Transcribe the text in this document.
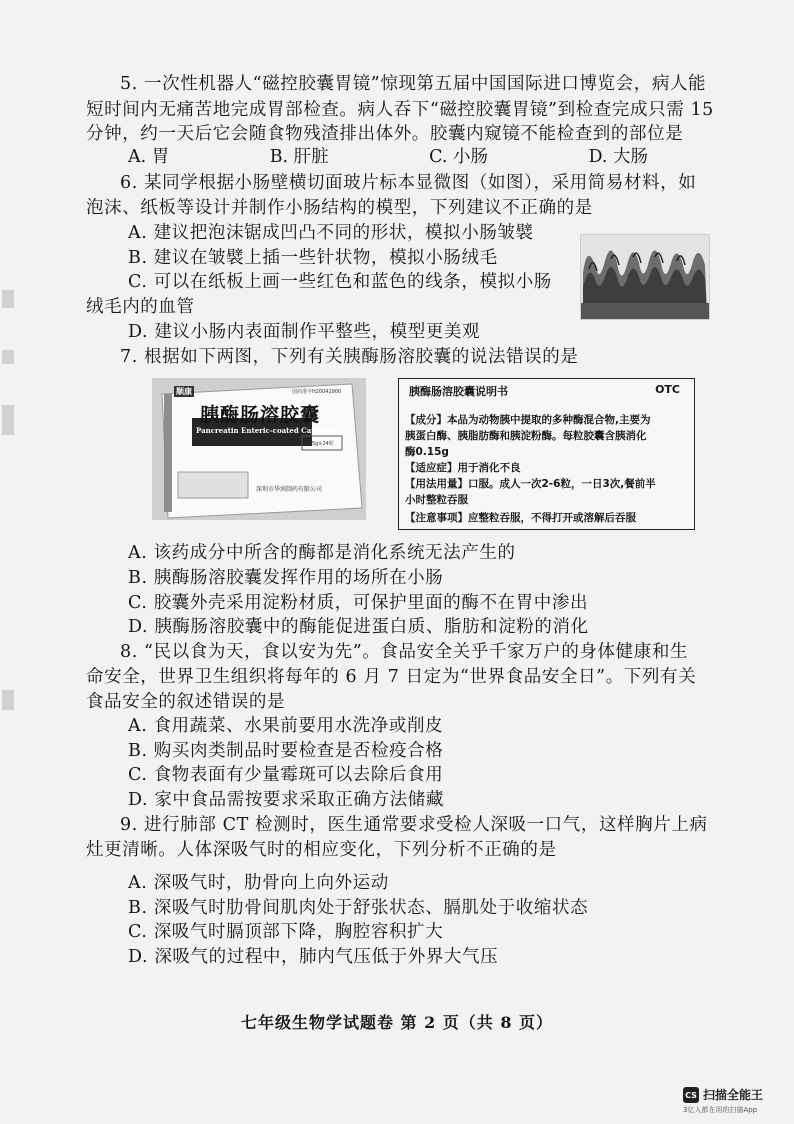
5. 一次性机器人“磁控胶囊胃镜”惊现第五届中国国际进口博览会，病人能
短时间内无痛苦地完成胃部检查。病人吞下“磁控胶囊胃镜”到检查完成只需 15
分钟，约一天后它会随食物残渣排出体外。胶囊内窥镜不能检查到的部位是
A. 胃	B. 肝脏	C. 小肠	D. 大肠
6. 某同学根据小肠壁横切面玻片标本显微图（如图），采用简易材料，如
泡沫、纸板等设计并制作小肠结构的模型，下列建议不正确的是
A. 建议把泡沫锯成凹凸不同的形状，模拟小肠皱襞
B. 建议在皱襞上插一些针状物，模拟小肠绒毛
C. 可以在纸板上画一些红色和蓝色的线条，模拟小肠
绒毛内的血管
D. 建议小肠内表面制作平整些，模型更美观
7. 根据如下两图，下列有关胰酶肠溶胶囊的说法错误的是
顺康	国药准字H20041900
胰酶肠溶胶囊
Pancreatin Enteric-coated Capsules
0.15g×24粒
深圳市华润制药有限公司
胰酶肠溶胶囊说明书	OTC
【成分】本品为动物胰中提取的多种酶混合物,主要为
胰蛋白酶、胰脂肪酶和胰淀粉酶。每粒胶囊含胰消化
酶0.15g
【适应症】用于消化不良
【用法用量】口服。成人一次2-6粒，一日3次,餐前半
小时整粒吞服
【注意事项】应整粒吞服，不得打开或溶解后吞服
A. 该药成分中所含的酶都是消化系统无法产生的
B. 胰酶肠溶胶囊发挥作用的场所在小肠
C. 胶囊外壳采用淀粉材质，可保护里面的酶不在胃中渗出
D. 胰酶肠溶胶囊中的酶能促进蛋白质、脂肪和淀粉的消化
8. “民以食为天，食以安为先”。食品安全关乎千家万户的身体健康和生
命安全，世界卫生组织将每年的 6 月 7 日定为“世界食品安全日”。下列有关
食品安全的叙述错误的是
A. 食用蔬菜、水果前要用水洗净或削皮
B. 购买肉类制品时要检查是否检疫合格
C. 食物表面有少量霉斑可以去除后食用
D. 家中食品需按要求采取正确方法储藏
9. 进行肺部 CT 检测时，医生通常要求受检人深吸一口气，这样胸片上病
灶更清晰。人体深吸气时的相应变化，下列分析不正确的是
A. 深吸气时，肋骨向上向外运动
B. 深吸气时肋骨间肌肉处于舒张状态、膈肌处于收缩状态
C. 深吸气时膈顶部下降，胸腔容积扩大
D. 深吸气的过程中，肺内气压低于外界大气压
七年级生物学试题卷 第 2 页（共 8 页）
CS 扫描全能王
3亿人都在用的扫描App
